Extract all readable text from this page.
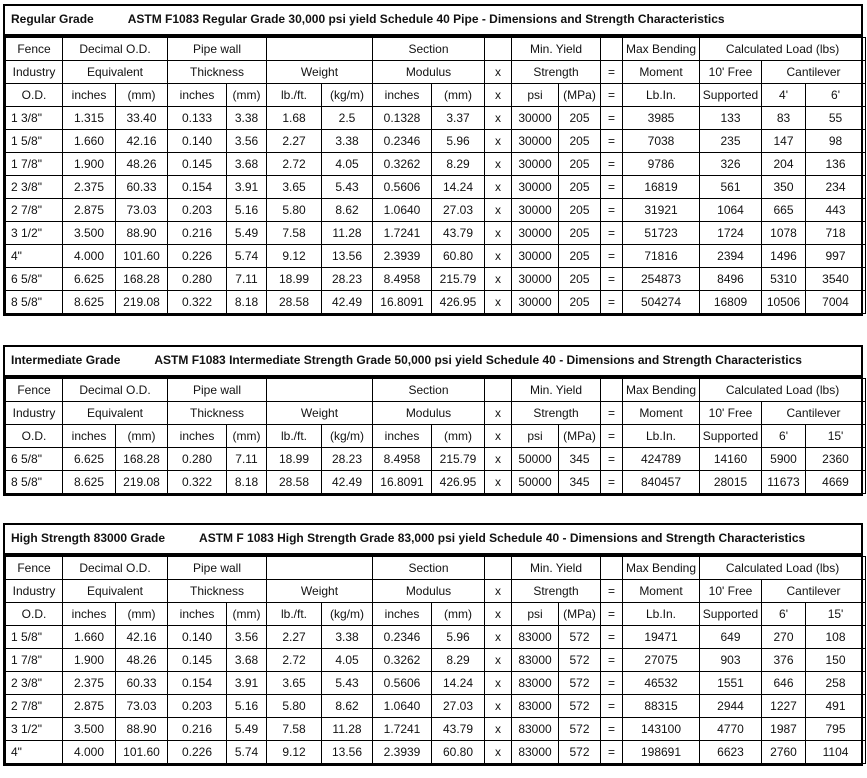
Regular Grade	ASTM F1083 Regular Grade 30,000 psi yield Schedule 40 Pipe - Dimensions and Strength Characteristics
Fence	Decimal O.D.		Pipe wall				Section			Min. Yield			Max Bending	Calculated Load (lbs)		
Industry	Equivalent		Thickness		Weight		Modulus		x	Strength		=	Moment	10' Free	Cantilever	
O.D.	inches	(mm)	inches	(mm)	lb./ft.	(kg/m)	inches	(mm)	x	psi	(MPa)	=	Lb.In.	Supported	4'	6'
1 3/8"	1.315	33.40	0.133	3.38	1.68	2.5	0.1328	3.37	x	30000	205	=	3985	133	83	55
1 5/8"	1.660	42.16	0.140	3.56	2.27	3.38	0.2346	5.96	x	30000	205	=	7038	235	147	98
1 7/8"	1.900	48.26	0.145	3.68	2.72	4.05	0.3262	8.29	x	30000	205	=	9786	326	204	136
2 3/8"	2.375	60.33	0.154	3.91	3.65	5.43	0.5606	14.24	x	30000	205	=	16819	561	350	234
2 7/8"	2.875	73.03	0.203	5.16	5.80	8.62	1.0640	27.03	x	30000	205	=	31921	1064	665	443
3 1/2"	3.500	88.90	0.216	5.49	7.58	11.28	1.7241	43.79	x	30000	205	=	51723	1724	1078	718
4"	4.000	101.60	0.226	5.74	9.12	13.56	2.3939	60.80	x	30000	205	=	71816	2394	1496	997
6 5/8"	6.625	168.28	0.280	7.11	18.99	28.23	8.4958	215.79	x	30000	205	=	254873	8496	5310	3540
8 5/8"	8.625	219.08	0.322	8.18	28.58	42.49	16.8091	426.95	x	30000	205	=	504274	16809	10506	7004
Intermediate Grade	ASTM F1083 Intermediate Strength Grade 50,000 psi yield Schedule 40 - Dimensions and Strength Characteristics
Fence	Decimal O.D.		Pipe wall				Section			Min. Yield			Max Bending	Calculated Load (lbs)		
Industry	Equivalent		Thickness		Weight		Modulus		x	Strength		=	Moment	10' Free	Cantilever	
O.D.	inches	(mm)	inches	(mm)	lb./ft.	(kg/m)	inches	(mm)	x	psi	(MPa)	=	Lb.In.	Supported	6'	15'
6 5/8"	6.625	168.28	0.280	7.11	18.99	28.23	8.4958	215.79	x	50000	345	=	424789	14160	5900	2360
8 5/8"	8.625	219.08	0.322	8.18	28.58	42.49	16.8091	426.95	x	50000	345	=	840457	28015	11673	4669
High Strength 83000 Grade	ASTM F 1083 High Strength Grade 83,000 psi yield Schedule 40 - Dimensions and Strength Characteristics
Fence	Decimal O.D.		Pipe wall				Section			Min. Yield			Max Bending	Calculated Load (lbs)		
Industry	Equivalent		Thickness		Weight		Modulus		x	Strength		=	Moment	10' Free	Cantilever	
O.D.	inches	(mm)	inches	(mm)	lb./ft.	(kg/m)	inches	(mm)	x	psi	(MPa)	=	Lb.In.	Supported	6'	15'
1 5/8"	1.660	42.16	0.140	3.56	2.27	3.38	0.2346	5.96	x	83000	572	=	19471	649	270	108
1 7/8"	1.900	48.26	0.145	3.68	2.72	4.05	0.3262	8.29	x	83000	572	=	27075	903	376	150
2 3/8"	2.375	60.33	0.154	3.91	3.65	5.43	0.5606	14.24	x	83000	572	=	46532	1551	646	258
2 7/8"	2.875	73.03	0.203	5.16	5.80	8.62	1.0640	27.03	x	83000	572	=	88315	2944	1227	491
3 1/2"	3.500	88.90	0.216	5.49	7.58	11.28	1.7241	43.79	x	83000	572	=	143100	4770	1987	795
4"	4.000	101.60	0.226	5.74	9.12	13.56	2.3939	60.80	x	83000	572	=	198691	6623	2760	1104
